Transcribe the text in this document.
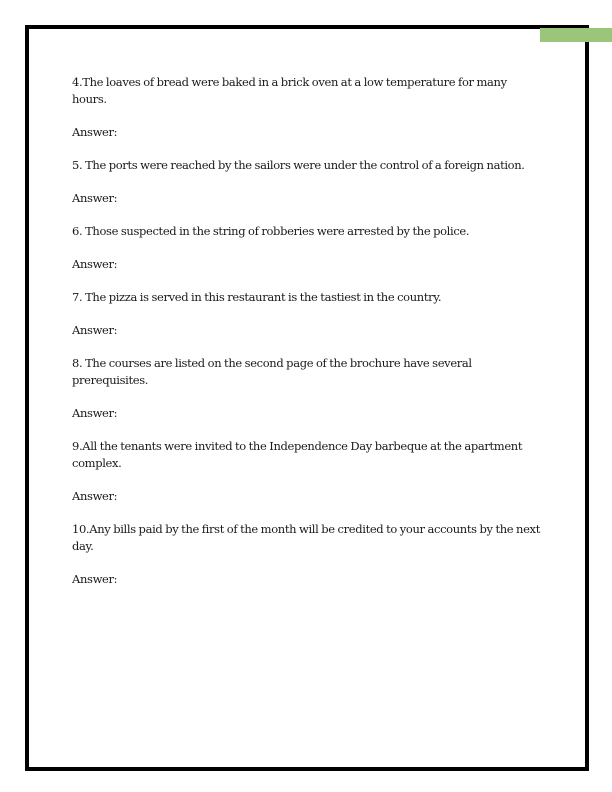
4.The loaves of bread were baked in a brick oven at a low temperature for many hours.

Answer:

5. The ports were reached by the sailors were under the control of a foreign nation.

Answer:

6. Those suspected in the string of robberies were arrested by the police.

Answer:

7. The pizza is served in this restaurant is the tastiest in the country.

Answer:

8. The courses are listed on the second page of the brochure have several prerequisites.

Answer:

9.All the tenants were invited to the Independence Day barbeque at the apartment complex.

Answer:

10.Any bills paid by the first of the month will be credited to your accounts by the next day.

Answer:
